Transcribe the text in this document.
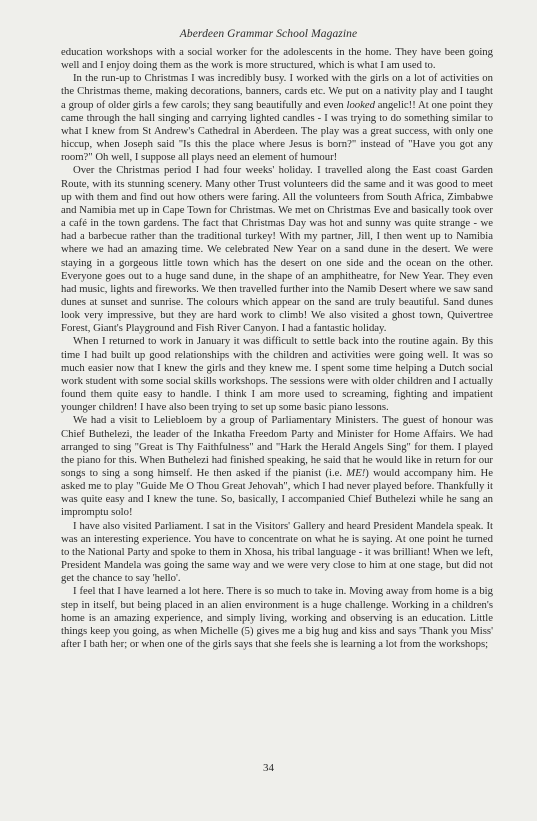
Aberdeen Grammar School Magazine

education workshops with a social worker for the adolescents in the home. They have been going well and I enjoy doing them as the work is more structured, which is what I am used to.

In the run-up to Christmas I was incredibly busy. I worked with the girls on a lot of activities on the Christmas theme, making decorations, banners, cards etc. We put on a nativity play and I taught a group of older girls a few carols; they sang beautifully and even looked angelic!! At one point they came through the hall singing and carrying lighted candles - I was trying to do something similar to what I knew from St Andrew's Cathedral in Aberdeen. The play was a great success, with only one hiccup, when Joseph said "Is this the place where Jesus is born?" instead of "Have you got any room?" Oh well, I suppose all plays need an element of humour!

Over the Christmas period I had four weeks' holiday. I travelled along the East coast Garden Route, with its stunning scenery. Many other Trust volunteers did the same and it was good to meet up with them and find out how others were faring. All the volunteers from South Africa, Zimbabwe and Namibia met up in Cape Town for Christmas. We met on Christmas Eve and basically took over a café in the town gardens. The fact that Christmas Day was hot and sunny was quite strange - we had a barbecue rather than the traditional turkey! With my partner, Jill, I then went up to Namibia where we had an amazing time. We celebrated New Year on a sand dune in the desert. We were staying in a gorgeous little town which has the desert on one side and the ocean on the other. Everyone goes out to a huge sand dune, in the shape of an amphitheatre, for New Year. They even had music, lights and fireworks. We then travelled further into the Namib Desert where we saw sand dunes at sunset and sunrise. The colours which appear on the sand are truly beautiful. Sand dunes look very impressive, but they are hard work to climb! We also visited a ghost town, Quivertree Forest, Giant's Playground and Fish River Canyon. I had a fantastic holiday.

When I returned to work in January it was difficult to settle back into the routine again. By this time I had built up good relationships with the children and activities were going well. It was so much easier now that I knew the girls and they knew me. I spent some time helping a Dutch social work student with some social skills workshops. The sessions were with older children and I actually found them quite easy to handle. I think I am more used to screaming, fighting and impatient younger children! I have also been trying to set up some basic piano lessons.

We had a visit to Leliebloem by a group of Parliamentary Ministers. The guest of honour was Chief Buthelezi, the leader of the Inkatha Freedom Party and Minister for Home Affairs. We had arranged to sing "Great is Thy Faithfulness" and "Hark the Herald Angels Sing" for them. I played the piano for this. When Buthelezi had finished speaking, he said that he would like in return for our songs to sing a song himself. He then asked if the pianist (i.e. ME!) would accompany him. He asked me to play "Guide Me O Thou Great Jehovah", which I had never played before. Thankfully it was quite easy and I knew the tune. So, basically, I accompanied Chief Buthelezi while he sang an impromptu solo!

I have also visited Parliament. I sat in the Visitors' Gallery and heard President Mandela speak. It was an interesting experience. You have to concentrate on what he is saying. At one point he turned to the National Party and spoke to them in Xhosa, his tribal language - it was brilliant! When we left, President Mandela was going the same way and we were very close to him at one stage, but did not get the chance to say 'hello'.

I feel that I have learned a lot here. There is so much to take in. Moving away from home is a big step in itself, but being placed in an alien environment is a huge challenge. Working in a children's home is an amazing experience, and simply living, working and observing is an education. Little things keep you going, as when Michelle (5) gives me a big hug and kiss and says 'Thank you Miss' after I bath her; or when one of the girls says that she feels she is learning a lot from the workshops;

34
